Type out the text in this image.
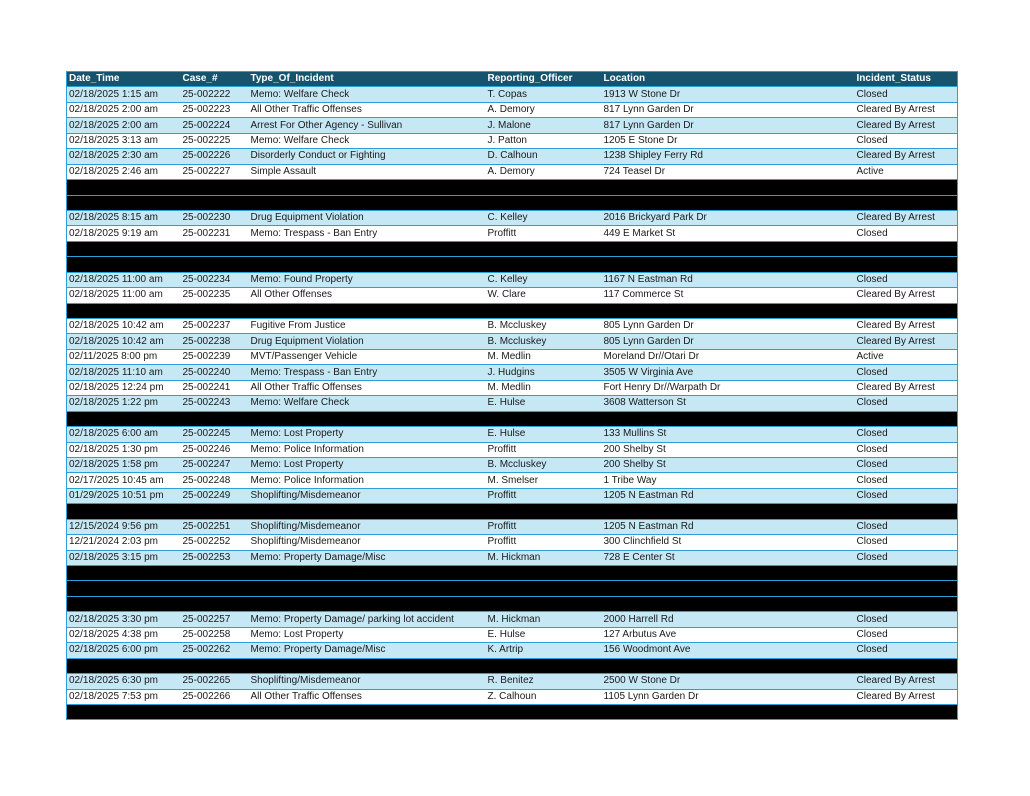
Date_Time	Case_#	Type_Of_Incident	Reporting_Officer	Location	Incident_Status
02/18/2025 1:15 am	25-002222	Memo: Welfare Check	T. Copas	1913 W Stone Dr	Closed
02/18/2025 2:00 am	25-002223	All Other Traffic Offenses	A. Demory	817 Lynn Garden Dr	Cleared By Arrest
02/18/2025 2:00 am	25-002224	Arrest For Other Agency - Sullivan	J. Malone	817 Lynn Garden Dr	Cleared By Arrest
02/18/2025 3:13 am	25-002225	Memo: Welfare Check	J. Patton	1205 E Stone Dr	Closed
02/18/2025 2:30 am	25-002226	Disorderly Conduct or Fighting	D. Calhoun	1238 Shipley Ferry Rd	Cleared By Arrest
02/18/2025 2:46 am	25-002227	Simple Assault	A. Demory	724 Teasel Dr	Active

02/18/2025 8:15 am	25-002230	Drug Equipment Violation	C. Kelley	2016 Brickyard Park Dr	Cleared By Arrest
02/18/2025 9:19 am	25-002231	Memo: Trespass - Ban Entry	Proffitt	449 E Market St	Closed

02/18/2025 11:00 am	25-002234	Memo: Found Property	C. Kelley	1167 N Eastman Rd	Closed
02/18/2025 11:00 am	25-002235	All Other Offenses	W. Clare	117 Commerce St	Cleared By Arrest

02/18/2025 10:42 am	25-002237	Fugitive From Justice	B. Mccluskey	805 Lynn Garden Dr	Cleared By Arrest
02/18/2025 10:42 am	25-002238	Drug Equipment Violation	B. Mccluskey	805 Lynn Garden Dr	Cleared By Arrest
02/11/2025 8:00 pm	25-002239	MVT/Passenger Vehicle	M. Medlin	Moreland Dr//Otari Dr	Active
02/18/2025 11:10 am	25-002240	Memo: Trespass - Ban Entry	J. Hudgins	3505 W Virginia Ave	Closed
02/18/2025 12:24 pm	25-002241	All Other Traffic Offenses	M. Medlin	Fort Henry Dr//Warpath Dr	Cleared By Arrest
02/18/2025 1:22 pm	25-002243	Memo: Welfare Check	E. Hulse	3608 Watterson St	Closed

02/18/2025 6:00 am	25-002245	Memo: Lost Property	E. Hulse	133 Mullins St	Closed
02/18/2025 1:30 pm	25-002246	Memo: Police Information	Proffitt	200 Shelby St	Closed
02/18/2025 1:58 pm	25-002247	Memo: Lost Property	B. Mccluskey	200 Shelby St	Closed
02/17/2025 10:45 am	25-002248	Memo: Police Information	M. Smelser	1 Tribe Way	Closed
01/29/2025 10:51 pm	25-002249	Shoplifting/Misdemeanor	Proffitt	1205 N Eastman Rd	Closed

12/15/2024 9:56 pm	25-002251	Shoplifting/Misdemeanor	Proffitt	1205 N Eastman Rd	Closed
12/21/2024 2:03 pm	25-002252	Shoplifting/Misdemeanor	Proffitt	300 Clinchfield St	Closed
02/18/2025 3:15 pm	25-002253	Memo: Property Damage/Misc	M. Hickman	728 E Center St	Closed

02/18/2025 3:30 pm	25-002257	Memo: Property Damage/ parking lot accident	M. Hickman	2000 Harrell Rd	Closed
02/18/2025 4:38 pm	25-002258	Memo: Lost Property	E. Hulse	127 Arbutus Ave	Closed
02/18/2025 6:00 pm	25-002262	Memo: Property Damage/Misc	K. Artrip	156 Woodmont Ave	Closed

02/18/2025 6:30 pm	25-002265	Shoplifting/Misdemeanor	R. Benitez	2500 W Stone Dr	Cleared By Arrest
02/18/2025 7:53 pm	25-002266	All Other Traffic Offenses	Z. Calhoun	1105 Lynn Garden Dr	Cleared By Arrest
